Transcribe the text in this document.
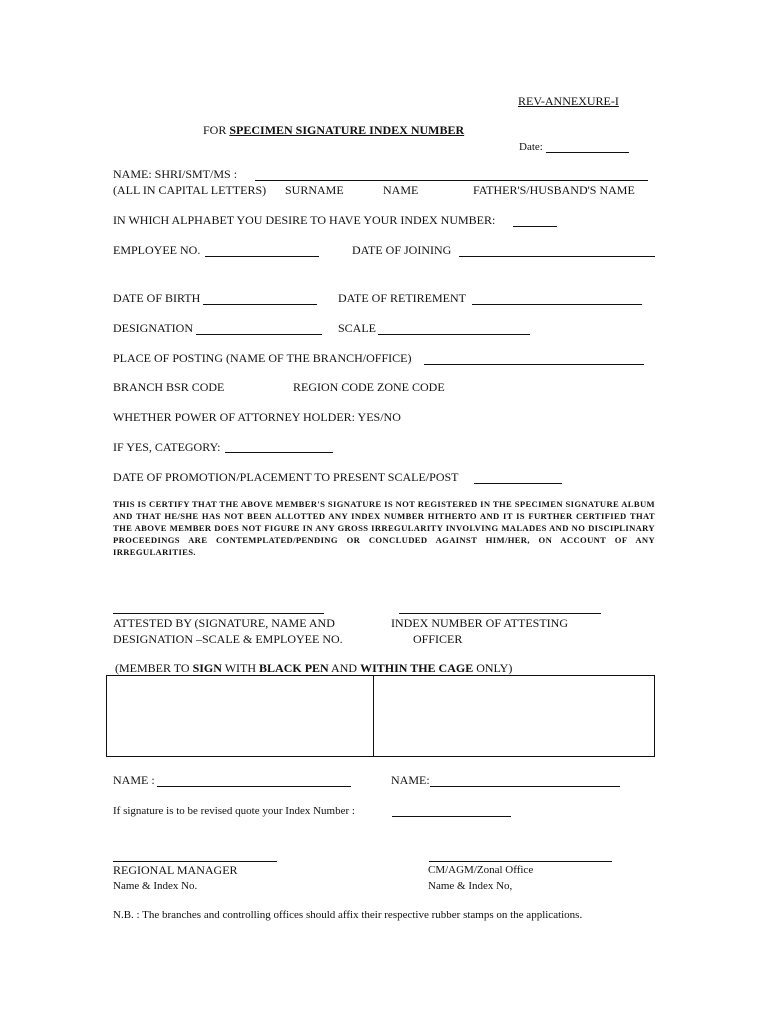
REV-ANNEXURE-I
FOR SPECIMEN SIGNATURE INDEX NUMBER
Date:
NAME: SHRI/SMT/MS :
(ALL IN CAPITAL LETTERS) SURNAME	NAME	FATHER'S/HUSBAND'S NAME
IN WHICH ALPHABET YOU DESIRE TO HAVE YOUR INDEX NUMBER:
EMPLOYEE NO.	DATE OF JOINING
DATE OF BIRTH	DATE OF RETIREMENT
DESIGNATION	SCALE
PLACE OF POSTING (NAME OF THE BRANCH/OFFICE)
BRANCH BSR CODE	REGION CODE ZONE CODE
WHETHER POWER OF ATTORNEY HOLDER: YES/NO
IF YES, CATEGORY:
DATE OF PROMOTION/PLACEMENT TO PRESENT SCALE/POST
THIS IS CERTIFY THAT THE ABOVE MEMBER'S SIGNATURE IS NOT REGISTERED IN THE SPECIMEN SIGNATURE ALBUM AND THAT HE/SHE HAS NOT BEEN ALLOTTED ANY INDEX NUMBER HITHERTO AND IT IS FURTHER CERTIFIED THAT THE ABOVE MEMBER DOES NOT FIGURE IN ANY GROSS IRREGULARITY INVOLVING MALADES AND NO DISCIPLINARY PROCEEDINGS ARE CONTEMPLATED/PENDING OR CONCLUDED AGAINST HIM/HER, ON ACCOUNT OF ANY IRREGULARITIES.
ATTESTED BY (SIGNATURE, NAME AND
DESIGNATION –SCALE & EMPLOYEE NO.
INDEX NUMBER OF ATTESTING
OFFICER
(MEMBER TO SIGN WITH BLACK PEN AND WITHIN THE CAGE ONLY)
NAME :	NAME:
If signature is to be revised quote your Index Number :
REGIONAL MANAGER
Name & Index No.
CM/AGM/Zonal Office
Name & Index No,
N.B. : The branches and controlling offices should affix their respective rubber stamps on the applications.
